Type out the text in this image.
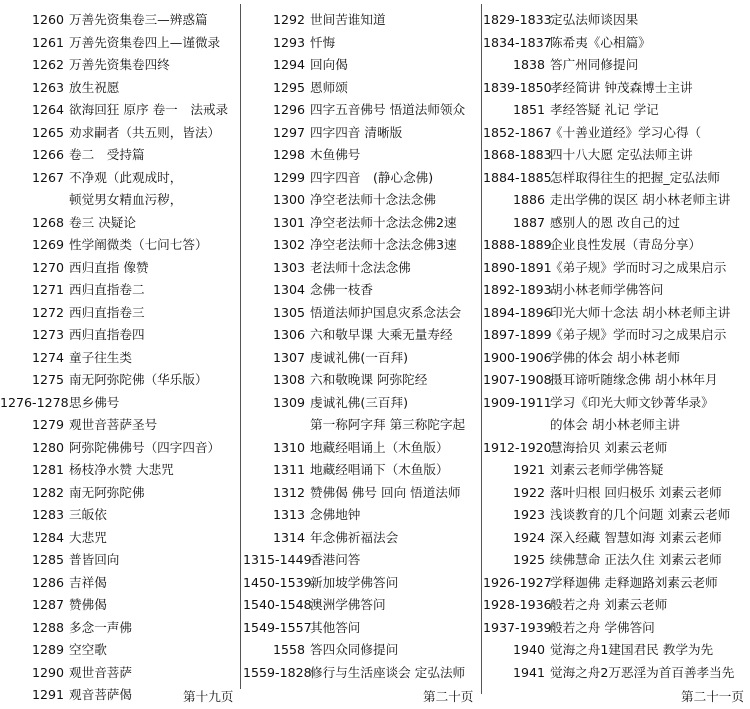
1260 万善先资集卷三—辨惑篇
1261 万善先资集卷四上—谨微录
1262 万善先资集卷四终
1263 放生祝愿
1264 欲海回狂 原序 卷一　法戒录
1265 劝求嗣者（共五则，皆法）
1266 卷二　受持篇
1267 不净观（此观成时，
顿觉男女精血污秽，
1268 卷三 决疑论
1269 性学阐微类（七问七答）
1270 西归直指 像赞
1271 西归直指卷二
1272 西归直指卷三
1273 西归直指卷四
1274 童子往生类
1275 南无阿弥陀佛（华乐版）
1276-1278 思乡佛号
1279 观世音菩萨圣号
1280 阿弥陀佛佛号（四字四音）
1281 杨枝净水赞 大悲咒
1282 南无阿弥陀佛
1283 三皈依
1284 大悲咒
1285 普皆回向
1286 吉祥偈
1287 赞佛偈
1288 多念一声佛
1289 空空歌
1290 观世音菩萨
1291 观音菩萨偈
1292 世间苦谁知道
1293 忏悔
1294 回向偈
1295 恩师颂
1296 四字五音佛号 悟道法师领众
1297 四字四音 清晰版
1298 木鱼佛号
1299 四字四音　(静心念佛)
1300 净空老法师十念法念佛
1301 净空老法师十念法念佛2速
1302 净空老法师十念法念佛3速
1303 老法师十念法念佛
1304 念佛一枝香
1305 悟道法师护国息灾系念法会
1306 六和敬早课 大乘无量寿经
1307 虔诚礼佛(一百拜)
1308 六和敬晚课 阿弥陀经
1309 虔诚礼佛(三百拜)
第一称阿字拜 第三称陀字起
1310 地藏经唱诵上（木鱼版）
1311 地藏经唱诵下（木鱼版）
1312 赞佛偈 佛号 回向 悟道法师
1313 念佛地钟
1314 年念佛祈福法会
1315-1449
香港问答
1450-1539
新加坡学佛答问
1540-1548
澳洲学佛答问
1549-1557
其他答问
1558 答四众同修提问
1559-1828
修行与生活座谈会 定弘法师
1829-1833
定弘法师谈因果
1834-1837
陈希夷《心相篇》
1838 答广州同修提问
1839-1850
孝经简讲 钟茂森博士主讲
1851 孝经答疑 礼记 学记
1852-1867
《十善业道经》学习心得（
1868-1883
四十八大愿 定弘法师主讲
1884-1885
怎样取得往生的把握_定弘法师
1886 走出学佛的误区 胡小林老师主讲
1887 感别人的恩 改自己的过
1888-1889
企业良性发展（青岛分享）
1890-1891
《弟子规》学而时习之成果启示
1892-1893
胡小林老师学佛答问
1894-1896
印光大师十念法 胡小林老师主讲
1897-1899
《弟子规》学而时习之成果启示
1900-1906
学佛的体会 胡小林老师
1907-1908
摄耳谛听随缘念佛 胡小林年月
1909-1911
学习《印光大师文钞菁华录》
的体会 胡小林老师主讲
1912-1920
慧海拾贝 刘素云老师
1921 刘素云老师学佛答疑
1922 落叶归根 回归极乐 刘素云老师
1923 浅谈教育的几个问题 刘素云老师
1924 深入经藏 智慧如海 刘素云老师
1925 续佛慧命 正法久住 刘素云老师
1926-1927
学释迦佛 走释迦路刘素云老师
1928-1936
般若之舟 刘素云老师
1937-1939
般若之舟 学佛答问
1940 觉海之舟1建国君民 教学为先
1941 觉海之舟2万恶淫为首百善孝当先
第十九页	第二十页	第二十一页
